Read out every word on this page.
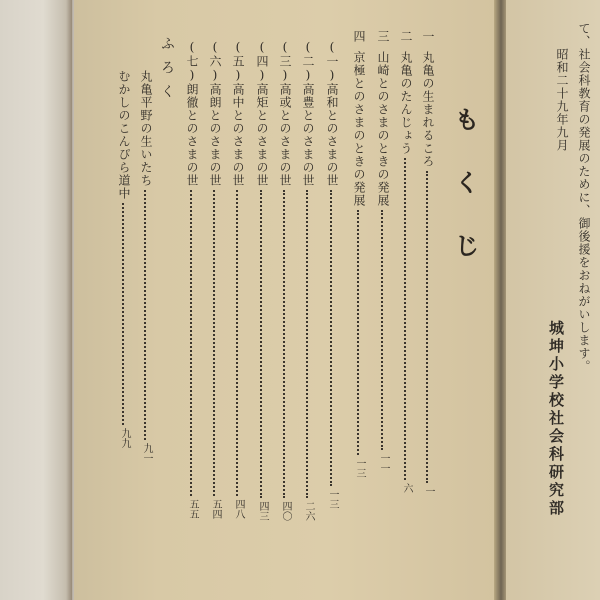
も
く
じ
一
丸亀の生まれるころ
一
二
丸亀のたんじょう
六
三
山崎とのさまのときの発展
一一
四
京極とのさまのときの発展
一三
(一)高和とのさまの世
一三
(二)高豊とのさまの世
二六
(三)高或とのさまの世
四〇
(四)高矩とのさまの世
四三
(五)高中とのさまの世
四八
(六)高朗とのさまの世
五四
(七)朗徹とのさまの世
五五
ふろく
丸亀平野の生いたち
九一
むかしのこんぴら道中
九九
て、社会科教育の発展のために、御後援をおねがいします。
昭和二十九年九月
城坤小学校社会科研究部
